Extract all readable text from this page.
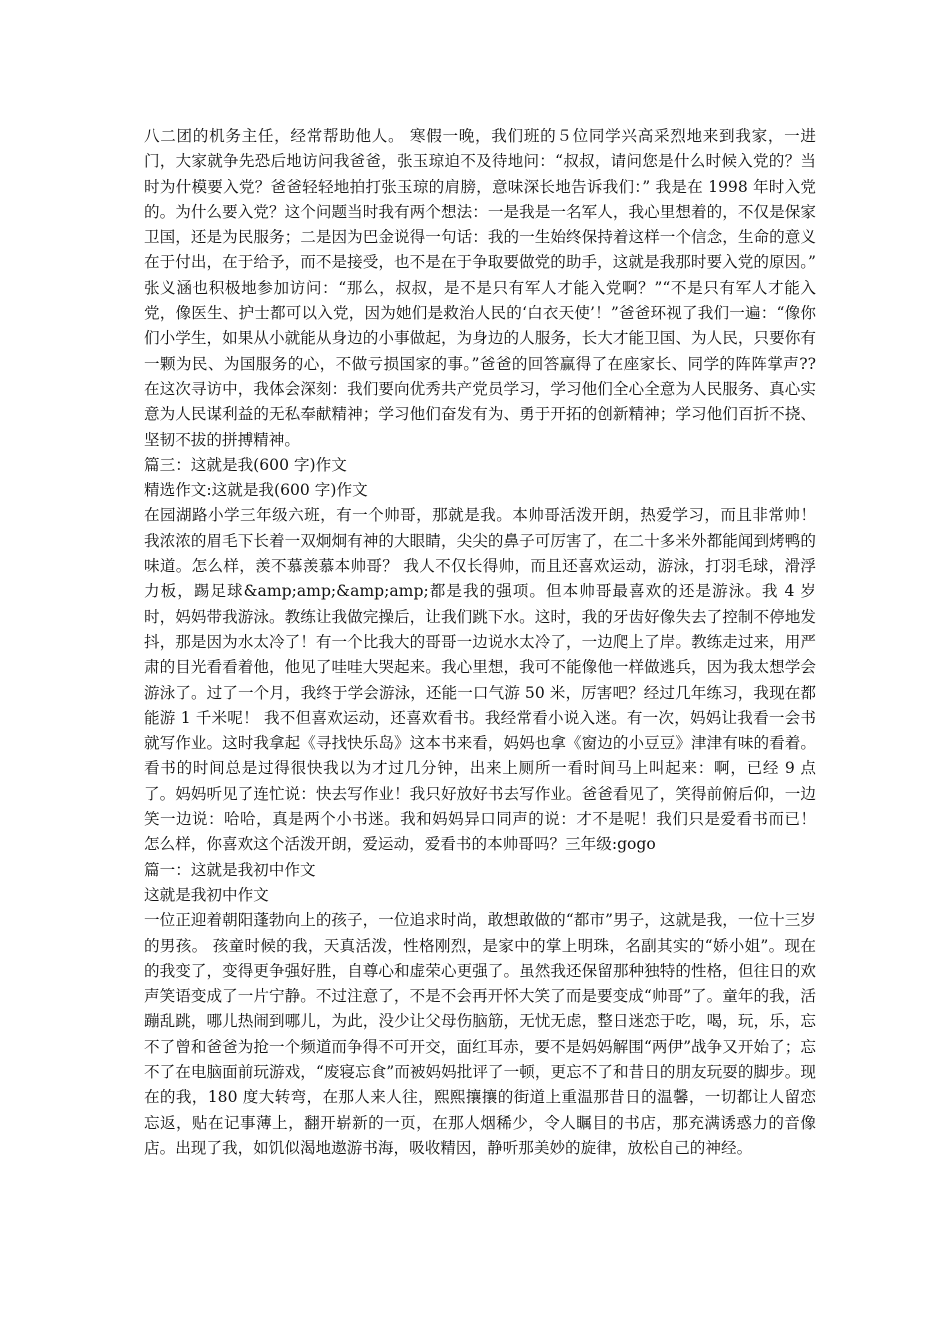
八二团的机务主任，经常帮助他人。 寒假一晚，我们班的５位同学兴高采烈地来到我家，一进门，大家就争先恐后地访问我爸爸，张玉琼迫不及待地问：“叔叔，请问您是什么时候入党的？当时为什模要入党？爸爸轻轻地拍打张玉琼的肩膀，意味深长地告诉我们：” 我是在 1998 年时入党的。为什么要入党？这个问题当时我有两个想法：一是我是一名军人，我心里想着的，不仅是保家卫国，还是为民服务；二是因为巴金说得一句话：我的一生始终保持着这样一个信念，生命的意义在于付出，在于给予，而不是接受，也不是在于争取要做党的助手，这就是我那时要入党的原因。” 张义涵也积极地参加访问：“那么，叔叔，是不是只有军人才能入党啊？”“不是只有军人才能入党，像医生、护士都可以入党，因为她们是救治人民的‘白衣天使’！”爸爸环视了我们一遍：“像你们小学生，如果从小就能从身边的小事做起，为身边的人服务，长大才能卫国、为人民，只要你有一颗为民、为国服务的心，不做亏损国家的事。”爸爸的回答赢得了在座家长、同学的阵阵掌声?? 在这次寻访中，我体会深刻：我们要向优秀共产党员学习，学习他们全心全意为人民服务、真心实意为人民谋利益的无私奉献精神；学习他们奋发有为、勇于开拓的创新精神；学习他们百折不挠、坚韧不拔的拼搏精神。
篇三：这就是我(600 字)作文
精选作文:这就是我(600 字)作文
在园湖路小学三年级六班，有一个帅哥，那就是我。本帅哥活泼开朗，热爱学习，而且非常帅！ 我浓浓的眉毛下长着一双炯炯有神的大眼睛，尖尖的鼻子可厉害了，在二十多米外都能闻到烤鸭的味道。怎么样，羡不慕羡慕本帅哥？ 我人不仅长得帅，而且还喜欢运动，游泳，打羽毛球，滑浮力板，踢足球&amp;amp;&amp;amp;都是我的强项。但本帅哥最喜欢的还是游泳。我 4 岁时，妈妈带我游泳。教练让我做完操后，让我们跳下水。这时，我的牙齿好像失去了控制不停地发抖，那是因为水太冷了！有一个比我大的哥哥一边说水太冷了，一边爬上了岸。教练走过来，用严肃的目光看看着他，他见了哇哇大哭起来。我心里想，我可不能像他一样做逃兵，因为我太想学会游泳了。过了一个月，我终于学会游泳，还能一口气游 50 米，厉害吧？经过几年练习，我现在都能游 1 千米呢！ 我不但喜欢运动，还喜欢看书。我经常看小说入迷。有一次，妈妈让我看一会书就写作业。这时我拿起《寻找快乐岛》这本书来看，妈妈也拿《窗边的小豆豆》津津有味的看着。看书的时间总是过得很快我以为才过几分钟，出来上厕所一看时间马上叫起来：啊，已经 9 点了。妈妈听见了连忙说：快去写作业！我只好放好书去写作业。爸爸看见了，笑得前俯后仰，一边笑一边说：哈哈，真是两个小书迷。我和妈妈异口同声的说：才不是呢！我们只是爱看书而已！ 怎么样，你喜欢这个活泼开朗，爱运动，爱看书的本帅哥吗？三年级:gogo
篇一：这就是我初中作文
这就是我初中作文
一位正迎着朝阳蓬勃向上的孩子，一位追求时尚，敢想敢做的“都市”男子，这就是我，一位十三岁的男孩。 孩童时候的我，天真活泼，性格刚烈，是家中的掌上明珠，名副其实的“娇小姐”。现在的我变了，变得更争强好胜，自尊心和虚荣心更强了。虽然我还保留那种独特的性格，但往日的欢声笑语变成了一片宁静。不过注意了，不是不会再开怀大笑了而是要变成“帅哥”了。童年的我，活蹦乱跳，哪儿热闹到哪儿，为此，没少让父母伤脑筋，无忧无虑，整日迷恋于吃，喝，玩，乐，忘不了曾和爸爸为抢一个频道而争得不可开交，面红耳赤，要不是妈妈解围“两伊”战争又开始了；忘不了在电脑面前玩游戏，“废寝忘食”而被妈妈批评了一顿，更忘不了和昔日的朋友玩耍的脚步。现在的我，180 度大转弯，在那人来人往，熙熙攘攘的街道上重温那昔日的温馨，一切都让人留恋忘返，贴在记事薄上，翻开崭新的一页，在那人烟稀少，令人瞩目的书店，那充满诱惑力的音像店。出现了我，如饥似渴地遨游书海，吸收精因，静听那美妙的旋律，放松自己的神经。
